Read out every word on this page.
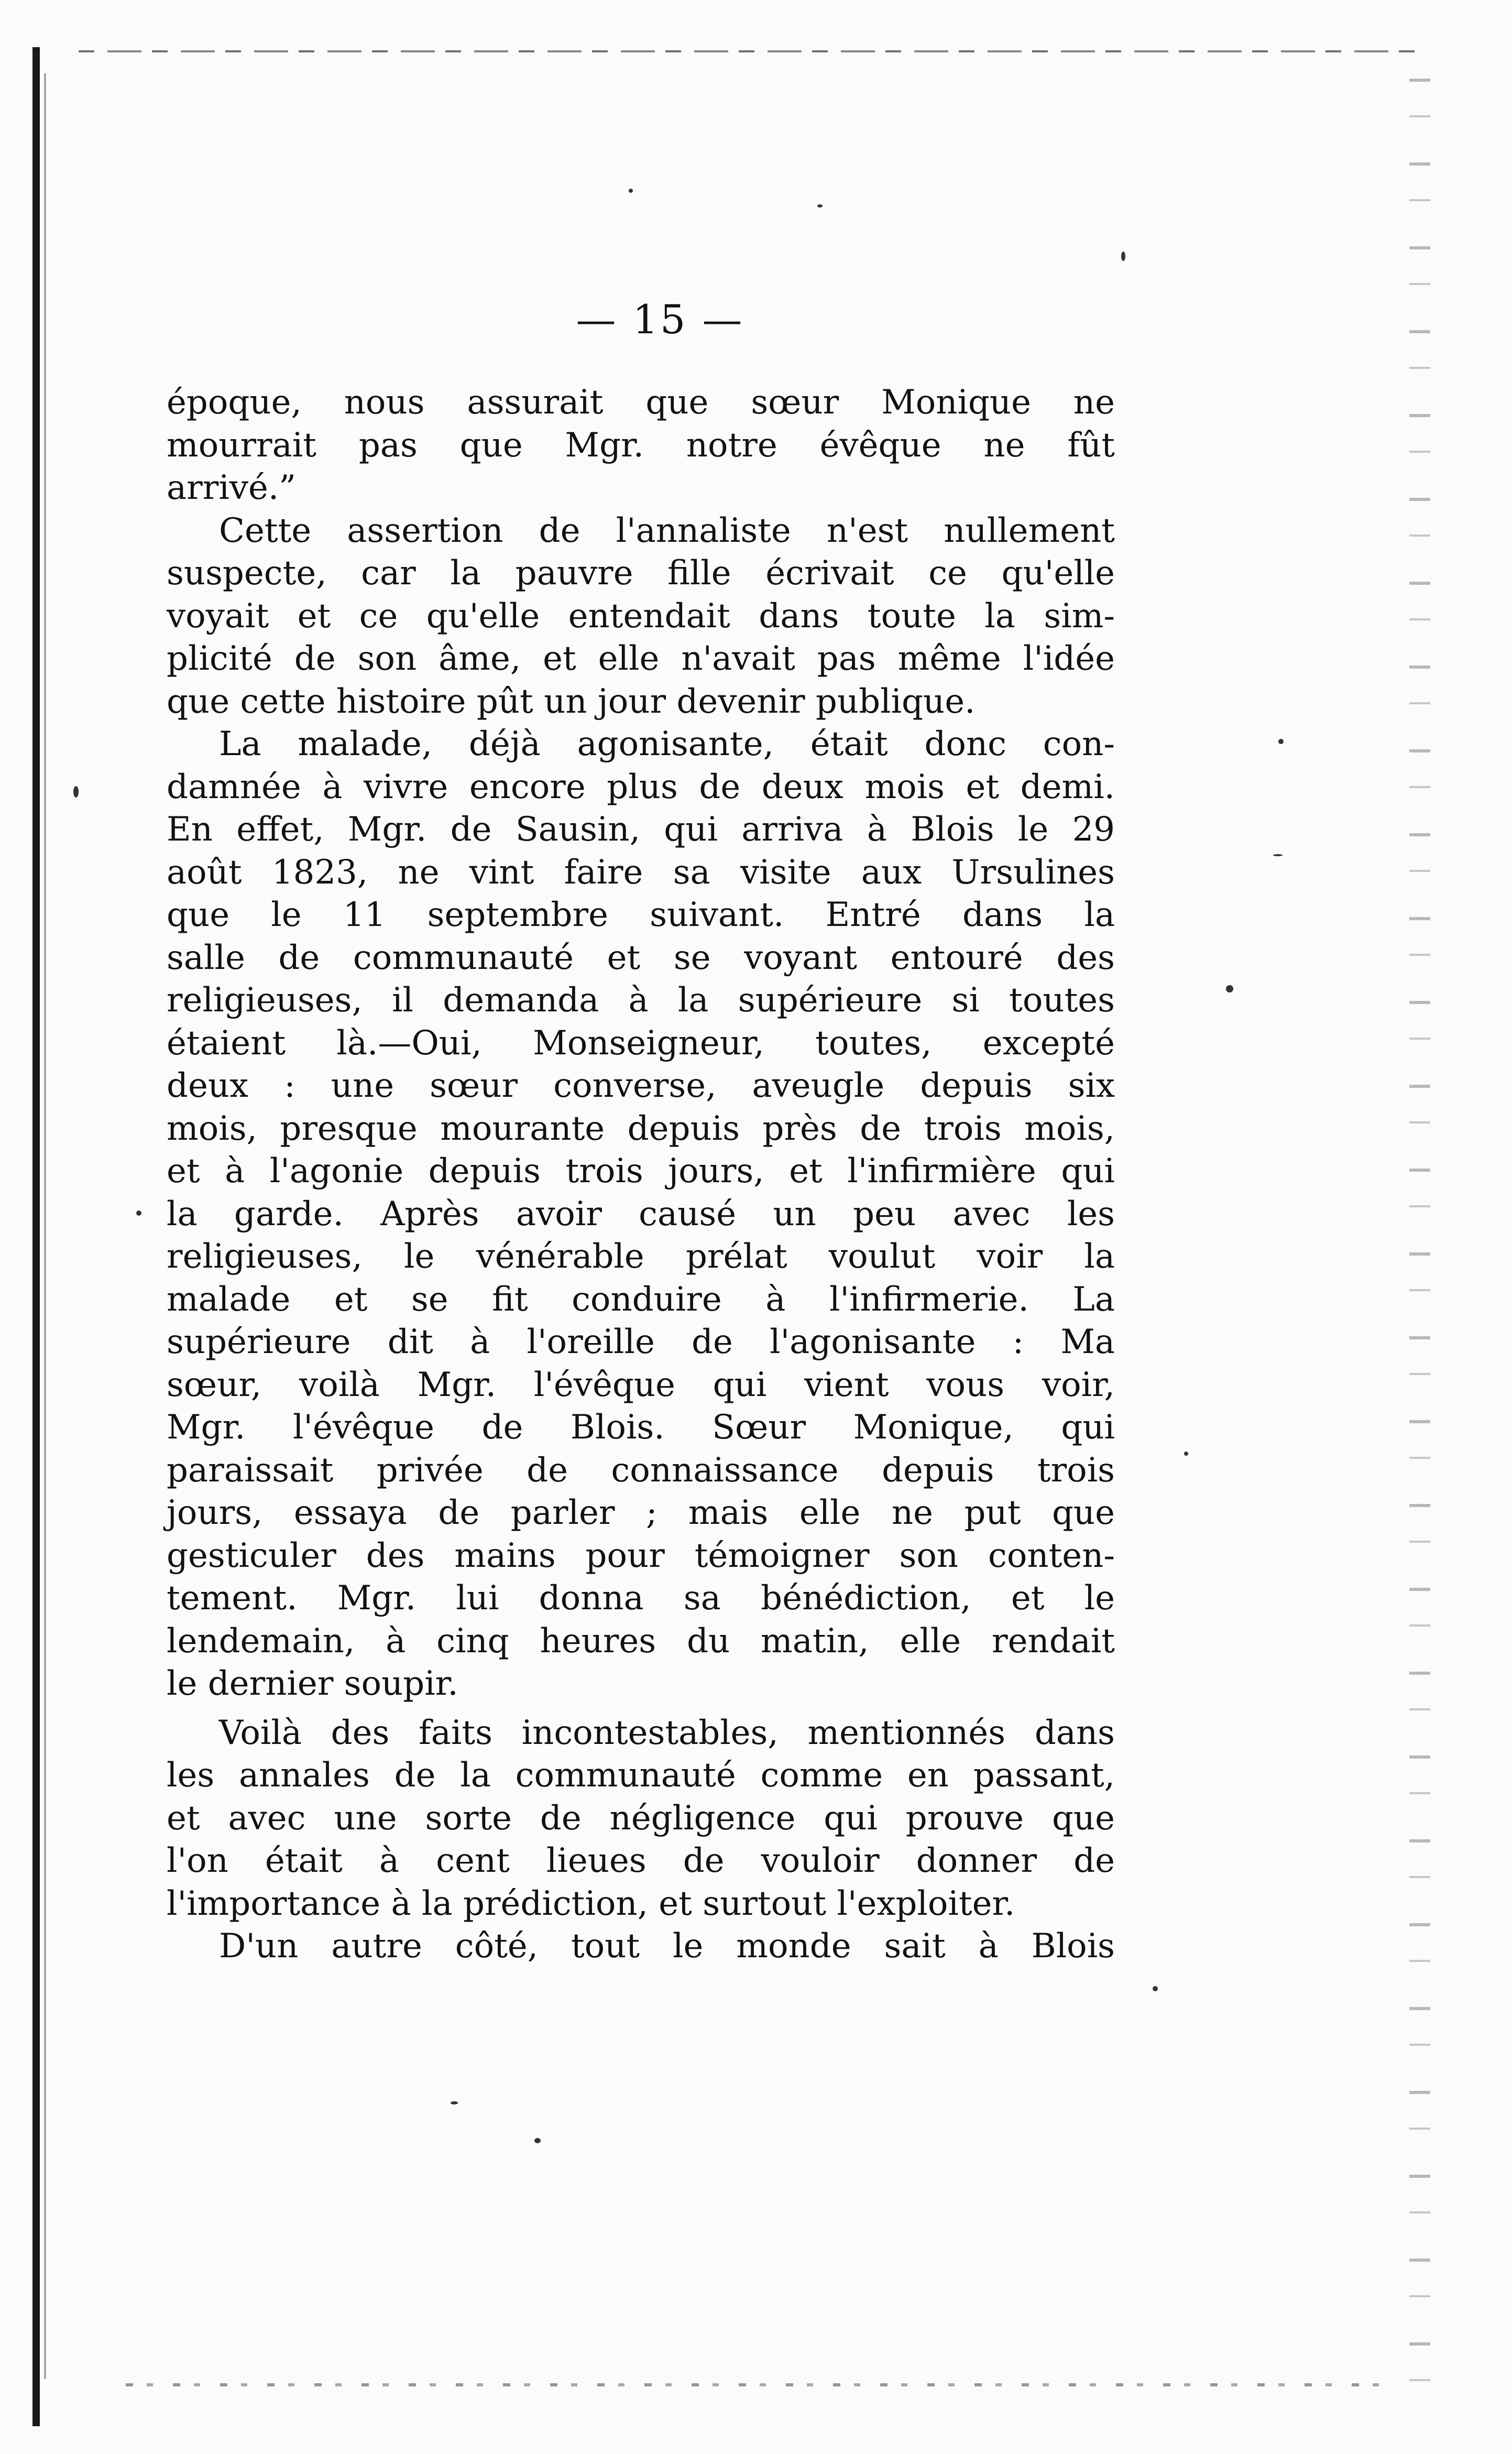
— 15 —
époque, nous assurait que sœur Monique ne
mourrait pas que Mgr. notre évêque ne fût
arrivé.”
Cette assertion de l'annaliste n'est nullement
suspecte, car la pauvre fille écrivait ce qu'elle
voyait et ce qu'elle entendait dans toute la sim-
plicité de son âme, et elle n'avait pas même l'idée
que cette histoire pût un jour devenir publique.
La malade, déjà agonisante, était donc con-
damnée à vivre encore plus de deux mois et demi.
En effet, Mgr. de Sausin, qui arriva à Blois le 29
août 1823, ne vint faire sa visite aux Ursulines
que le 11 septembre suivant. Entré dans la
salle de communauté et se voyant entouré des
religieuses, il demanda à la supérieure si toutes
étaient là.—Oui, Monseigneur, toutes, excepté
deux : une sœur converse, aveugle depuis six
mois, presque mourante depuis près de trois mois,
et à l'agonie depuis trois jours, et l'infirmière qui
la garde. Après avoir causé un peu avec les
religieuses, le vénérable prélat voulut voir la
malade et se fit conduire à l'infirmerie. La
supérieure dit à l'oreille de l'agonisante : Ma
sœur, voilà Mgr. l'évêque qui vient vous voir,
Mgr. l'évêque de Blois. Sœur Monique, qui
paraissait privée de connaissance depuis trois
jours, essaya de parler ; mais elle ne put que
gesticuler des mains pour témoigner son conten-
tement. Mgr. lui donna sa bénédiction, et le
lendemain, à cinq heures du matin, elle rendait
le dernier soupir.
Voilà des faits incontestables, mentionnés dans
les annales de la communauté comme en passant,
et avec une sorte de négligence qui prouve que
l'on était à cent lieues de vouloir donner de
l'importance à la prédiction, et surtout l'exploiter.
D'un autre côté, tout le monde sait à Blois
